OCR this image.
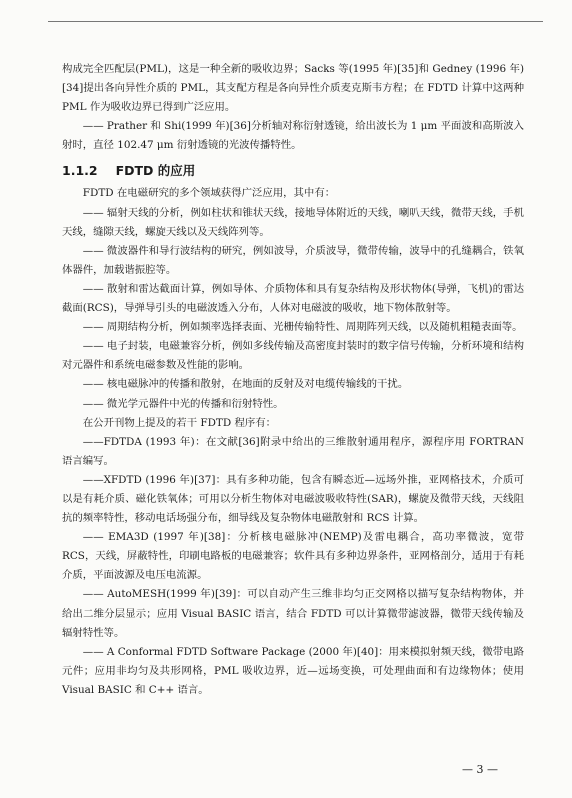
构成完全匹配层(PML)，这是一种全新的吸收边界；Sacks 等(1995 年)[35]和 Gedney (1996 年)[34]提出各向异性介质的 PML，其支配方程是各向异性介质麦克斯韦方程；在 FDTD 计算中这两种 PML 作为吸收边界已得到广泛应用。

—— Prather 和 Shi(1999 年)[36]分析轴对称衍射透镜，给出波长为 1 μm 平面波和高斯波入射时，直径 102.47 μm 衍射透镜的光波传播特性。

1.1.2 FDTD 的应用

FDTD 在电磁研究的多个领域获得广泛应用，其中有：

—— 辐射天线的分析，例如柱状和锥状天线，接地导体附近的天线，喇叭天线，微带天线，手机天线，缝隙天线，螺旋天线以及天线阵列等。

—— 微波器件和导行波结构的研究，例如波导，介质波导，微带传输，波导中的孔缝耦合，铁氧体器件，加载谐振腔等。

—— 散射和雷达截面计算，例如导体、介质物体和具有复杂结构及形状物体(导弹，飞机)的雷达截面(RCS)，导弹导引头的电磁波透入分布，人体对电磁波的吸收，地下物体散射等。

—— 周期结构分析，例如频率选择表面、光栅传输特性、周期阵列天线，以及随机粗糙表面等。

—— 电子封装，电磁兼容分析，例如多线传输及高密度封装时的数字信号传输，分析环境和结构对元器件和系统电磁参数及性能的影响。

—— 核电磁脉冲的传播和散射，在地面的反射及对电缆传输线的干扰。

—— 微光学元器件中光的传播和衍射特性。

在公开刊物上提及的若干 FDTD 程序有：

——FDTDA (1993 年)：在文献[36]附录中给出的三维散射通用程序，源程序用 FORTRAN 语言编写。

——XFDTD (1996 年)[37]：具有多种功能，包含有瞬态近—远场外推，亚网格技术，介质可以是有耗介质、磁化铁氧体；可用以分析生物体对电磁波吸收特性(SAR)，螺旋及微带天线，天线阻抗的频率特性，移动电话场强分布，细导线及复杂物体电磁散射和 RCS 计算。

—— EMA3D (1997 年)[38]：分析核电磁脉冲(NEMP)及雷电耦合，高功率微波，宽带 RCS，天线，屏蔽特性，印刷电路板的电磁兼容；软件具有多种边界条件，亚网格剖分，适用于有耗介质，平面波源及电压电流源。

—— AutoMESH(1999 年)[39]：可以自动产生三维非均匀正交网格以描写复杂结构物体，并给出二维分层显示；应用 Visual BASIC 语言，结合 FDTD 可以计算微带滤波器，微带天线传输及辐射特性等。

—— A Conformal FDTD Software Package (2000 年)[40]：用来模拟射频天线，微带电路元件；应用非均匀及共形网格，PML 吸收边界，近—远场变换，可处理曲面和有边缘物体；使用 Visual BASIC 和 C++ 语言。

— 3 —
